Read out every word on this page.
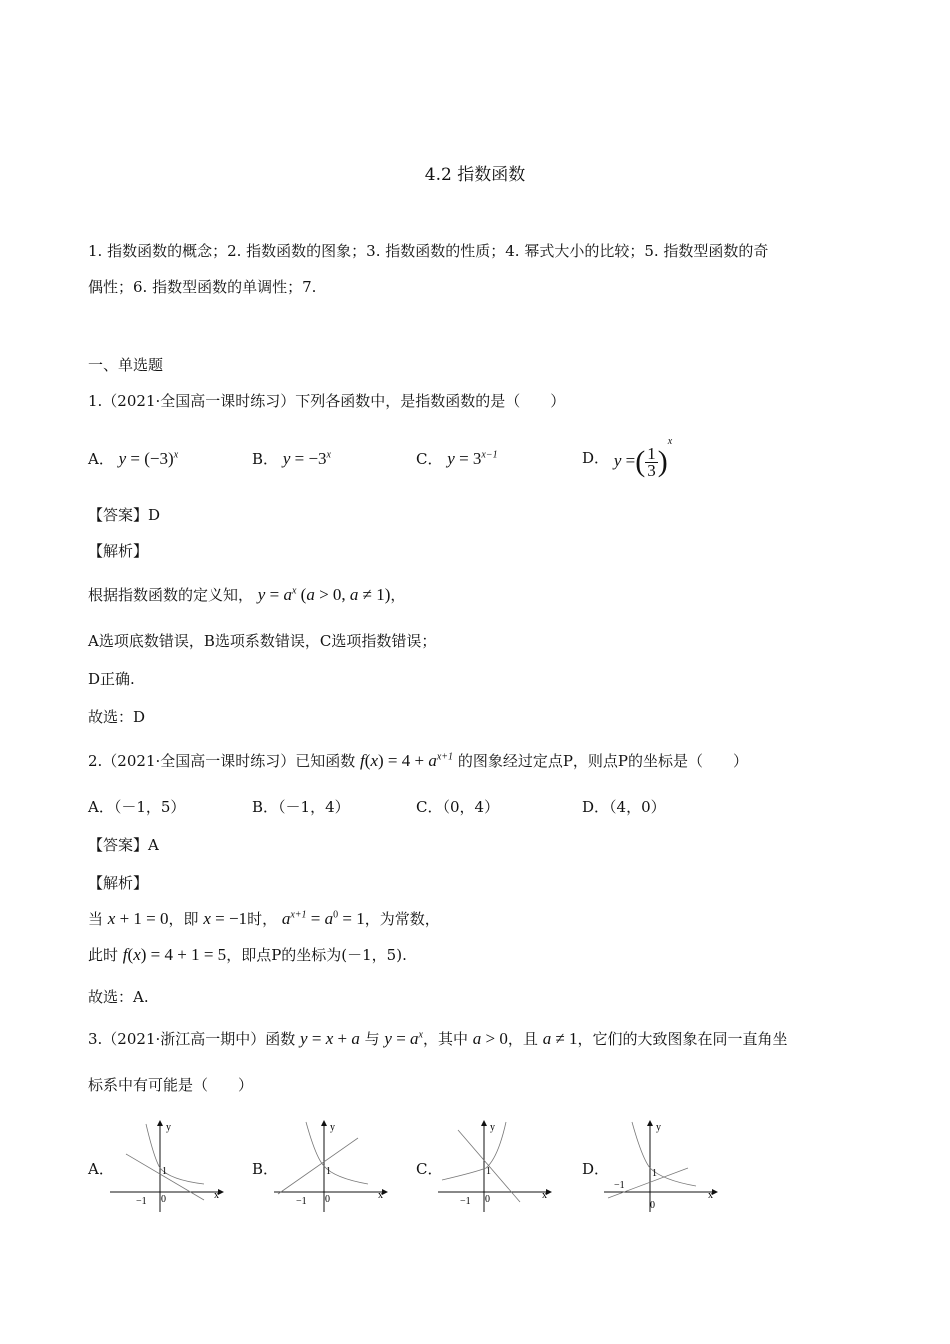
4.2 指数函数
1. 指数函数的概念；2. 指数函数的图象；3. 指数函数的性质；4. 幂式大小的比较；5. 指数型函数的奇
偶性；6. 指数型函数的单调性；7.
一、单选题
1.（2021·全国高一课时练习）下列各函数中，是指数函数的是（　　）
A． $y = (-3)^x$	B． $y = -3^x$	C． $y = 3^{x-1}$	D． y =( $\frac{1}{3})^x$
【答案】D
【解析】
根据指数函数的定义知， $y = a^x$ (a > 0, a ≠ 1)，
A选项底数错误，B选项系数错误，C选项指数错误；
D正确.
故选：D
2.（2021·全国高一课时练习）已知函数 $f(x) = 4 + a^{x+1}$ 的图象经过定点P，则点P的坐标是（　　）
A．（－1，5）	B．（－1，4）	C．（0，4）	D．（4，0）
【答案】A
【解析】
当 x + 1 = 0，即 x = −1时， $a^{x+1} = a^0 = 1$，为常数，
此时 f(x) = 4 + 1 = 5，即点P的坐标为(－1，5).
故选：A.
3.（2021·浙江高一期中）函数 y = x + a 与 $y = a^x$，其中 a > 0，且 a ≠ 1，它们的大致图象在同一直角坐
标系中有可能是（　　）
A．	B．	C．	D．
y
x
1
0
−1
y
x
1
0
−1
y
x
1
0
−1
y
x
1
0
−1
